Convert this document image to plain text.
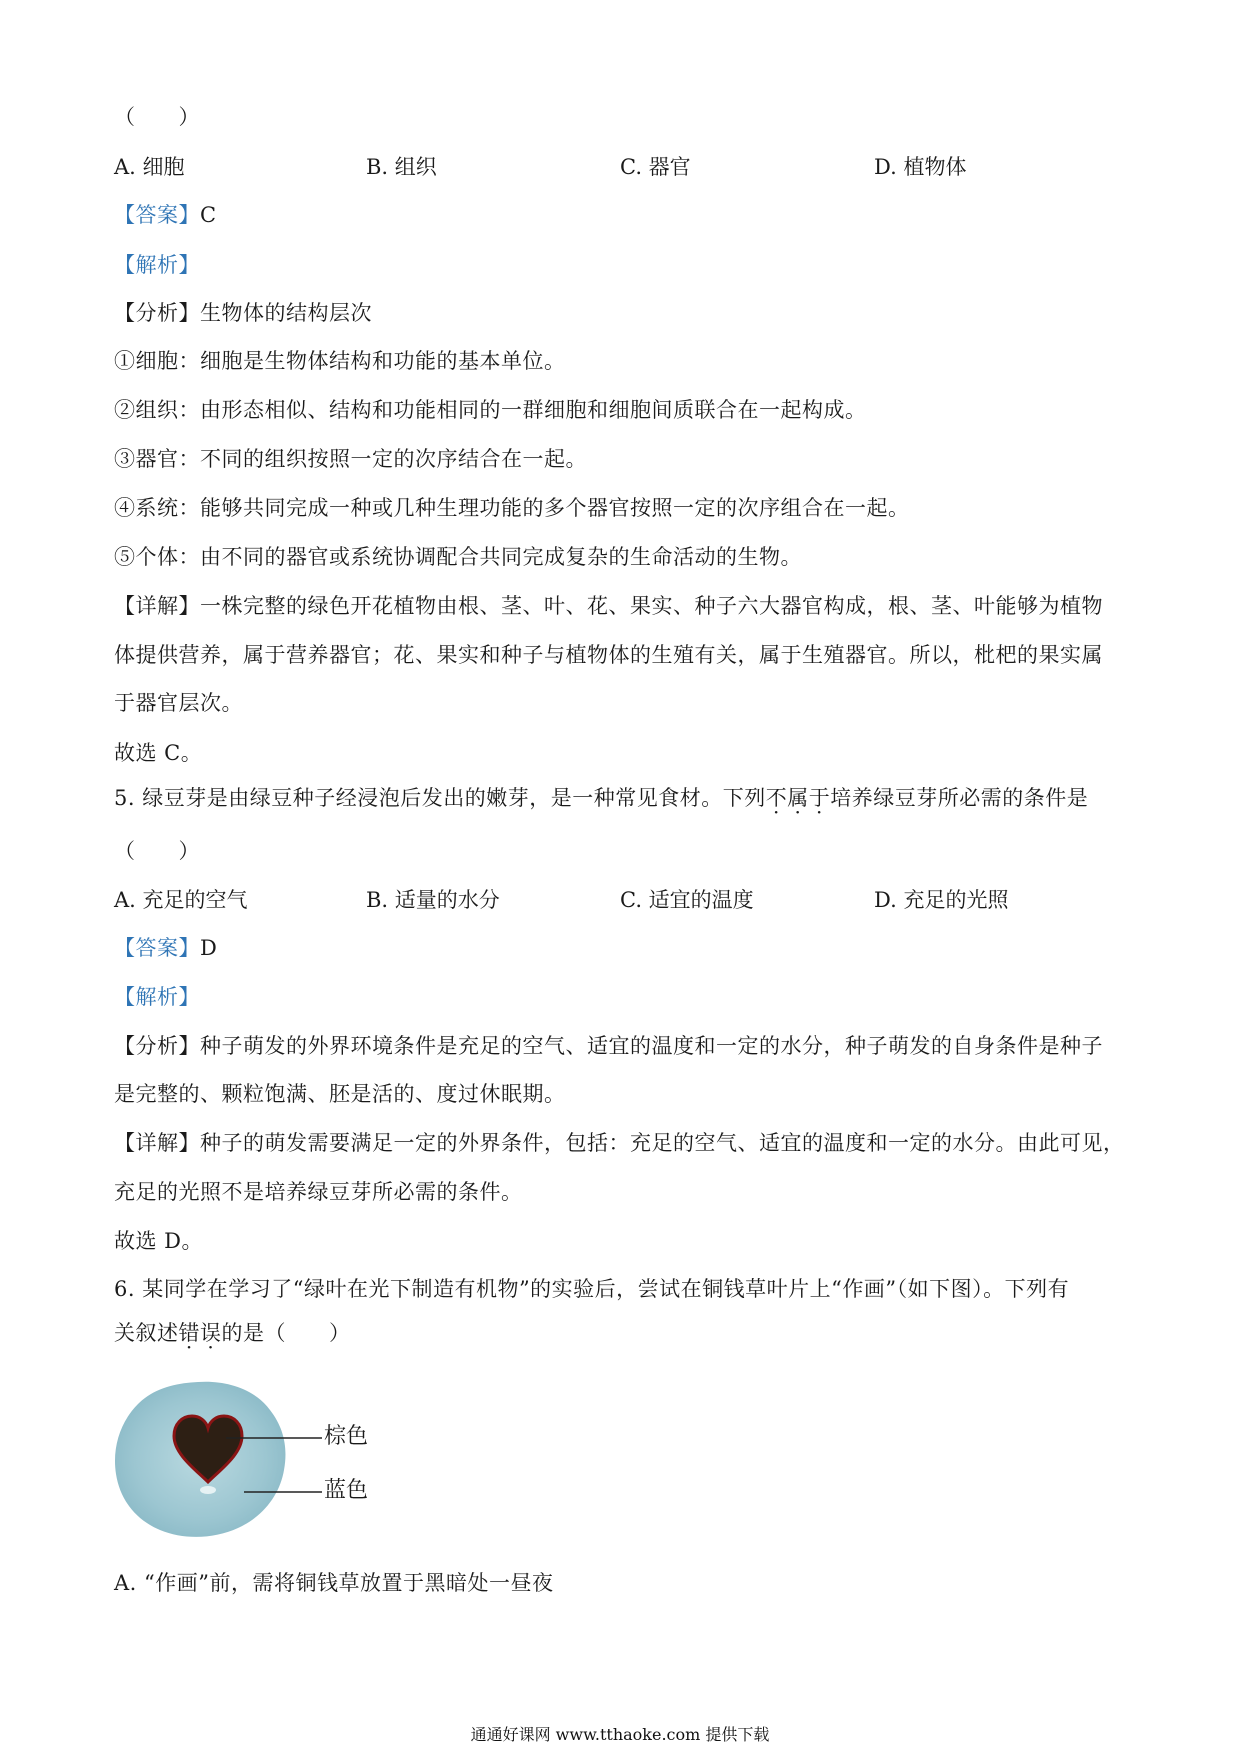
（　　）
A. 细胞	B. 组织	C. 器官	D. 植物体
【答案】C
【解析】
【分析】生物体的结构层次
①细胞：细胞是生物体结构和功能的基本单位。
②组织：由形态相似、结构和功能相同的一群细胞和细胞间质联合在一起构成。
③器官：不同的组织按照一定的次序结合在一起。
④系统：能够共同完成一种或几种生理功能的多个器官按照一定的次序组合在一起。
⑤个体：由不同的器官或系统协调配合共同完成复杂的生命活动的生物。
【详解】一株完整的绿色开花植物由根、茎、叶、花、果实、种子六大器官构成，根、茎、叶能够为植物
体提供营养，属于营养器官；花、果实和种子与植物体的生殖有关，属于生殖器官。所以，枇杷的果实属
于器官层次。
故选 C。
5. 绿豆芽是由绿豆种子经浸泡后发出的嫩芽，是一种常见食材。下列不属于培养绿豆芽所必需的条件是
（　　）
A. 充足的空气	B. 适量的水分	C. 适宜的温度	D. 充足的光照
【答案】D
【解析】
【分析】种子萌发的外界环境条件是充足的空气、适宜的温度和一定的水分，种子萌发的自身条件是种子
是完整的、颗粒饱满、胚是活的、度过休眠期。
【详解】种子的萌发需要满足一定的外界条件，包括：充足的空气、适宜的温度和一定的水分。由此可见，
充足的光照不是培养绿豆芽所必需的条件。
故选 D。
6. 某同学在学习了“绿叶在光下制造有机物”的实验后，尝试在铜钱草叶片上“作画”（如下图）。下列有
关叙述错误的是（　　）
棕色
蓝色
A. “作画”前，需将铜钱草放置于黑暗处一昼夜
通通好课网 www.tthaoke.com 提供下载
